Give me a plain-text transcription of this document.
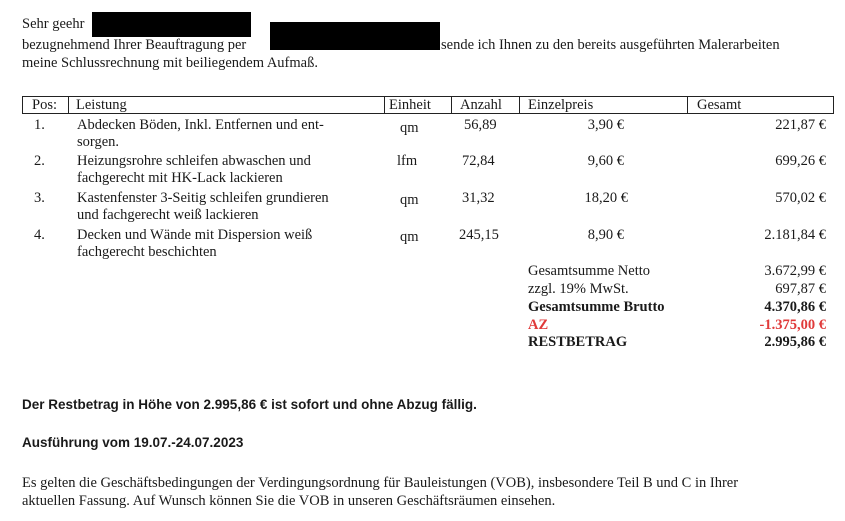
Sehr geehr
bezugnehmend Ihrer Beauftragung per	sende ich Ihnen zu den bereits ausgeführten Malerarbeiten
meine Schlussrechnung mit beiliegendem Aufmaß.
Pos: Leistung	Einheit Anzahl Einzelpreis	Gesamt
1. Abdecken Böden, Inkl. Entfernen und ent-
sorgen.
qm	56,89	3,90 €	221,87 €
2. Heizungsrohre schleifen abwaschen und
fachgerecht mit HK-Lack lackieren
lfm	72,84	9,60 €	699,26 €
3. Kastenfenster 3-Seitig schleifen grundieren
und fachgerecht weiß lackieren
qm	31,32	18,20 €	570,02 €
4. Decken und Wände mit Dispersion weiß
fachgerecht beschichten
qm	245,15	8,90 €	2.181,84 €
Gesamtsumme Netto	3.672,99 €
zzgl. 19% MwSt.	697,87 €
Gesamtsumme Brutto	4.370,86 €
AZ	-1.375,00 €
RESTBETRAG	2.995,86 €
Der Restbetrag in Höhe von 2.995,86 € ist sofort und ohne Abzug fällig.
Ausführung vom 19.07.-24.07.2023
Es gelten die Geschäftsbedingungen der Verdingungsordnung für Bauleistungen (VOB), insbesondere Teil B und C in Ihrer
aktuellen Fassung. Auf Wunsch können Sie die VOB in unseren Geschäftsräumen einsehen.
